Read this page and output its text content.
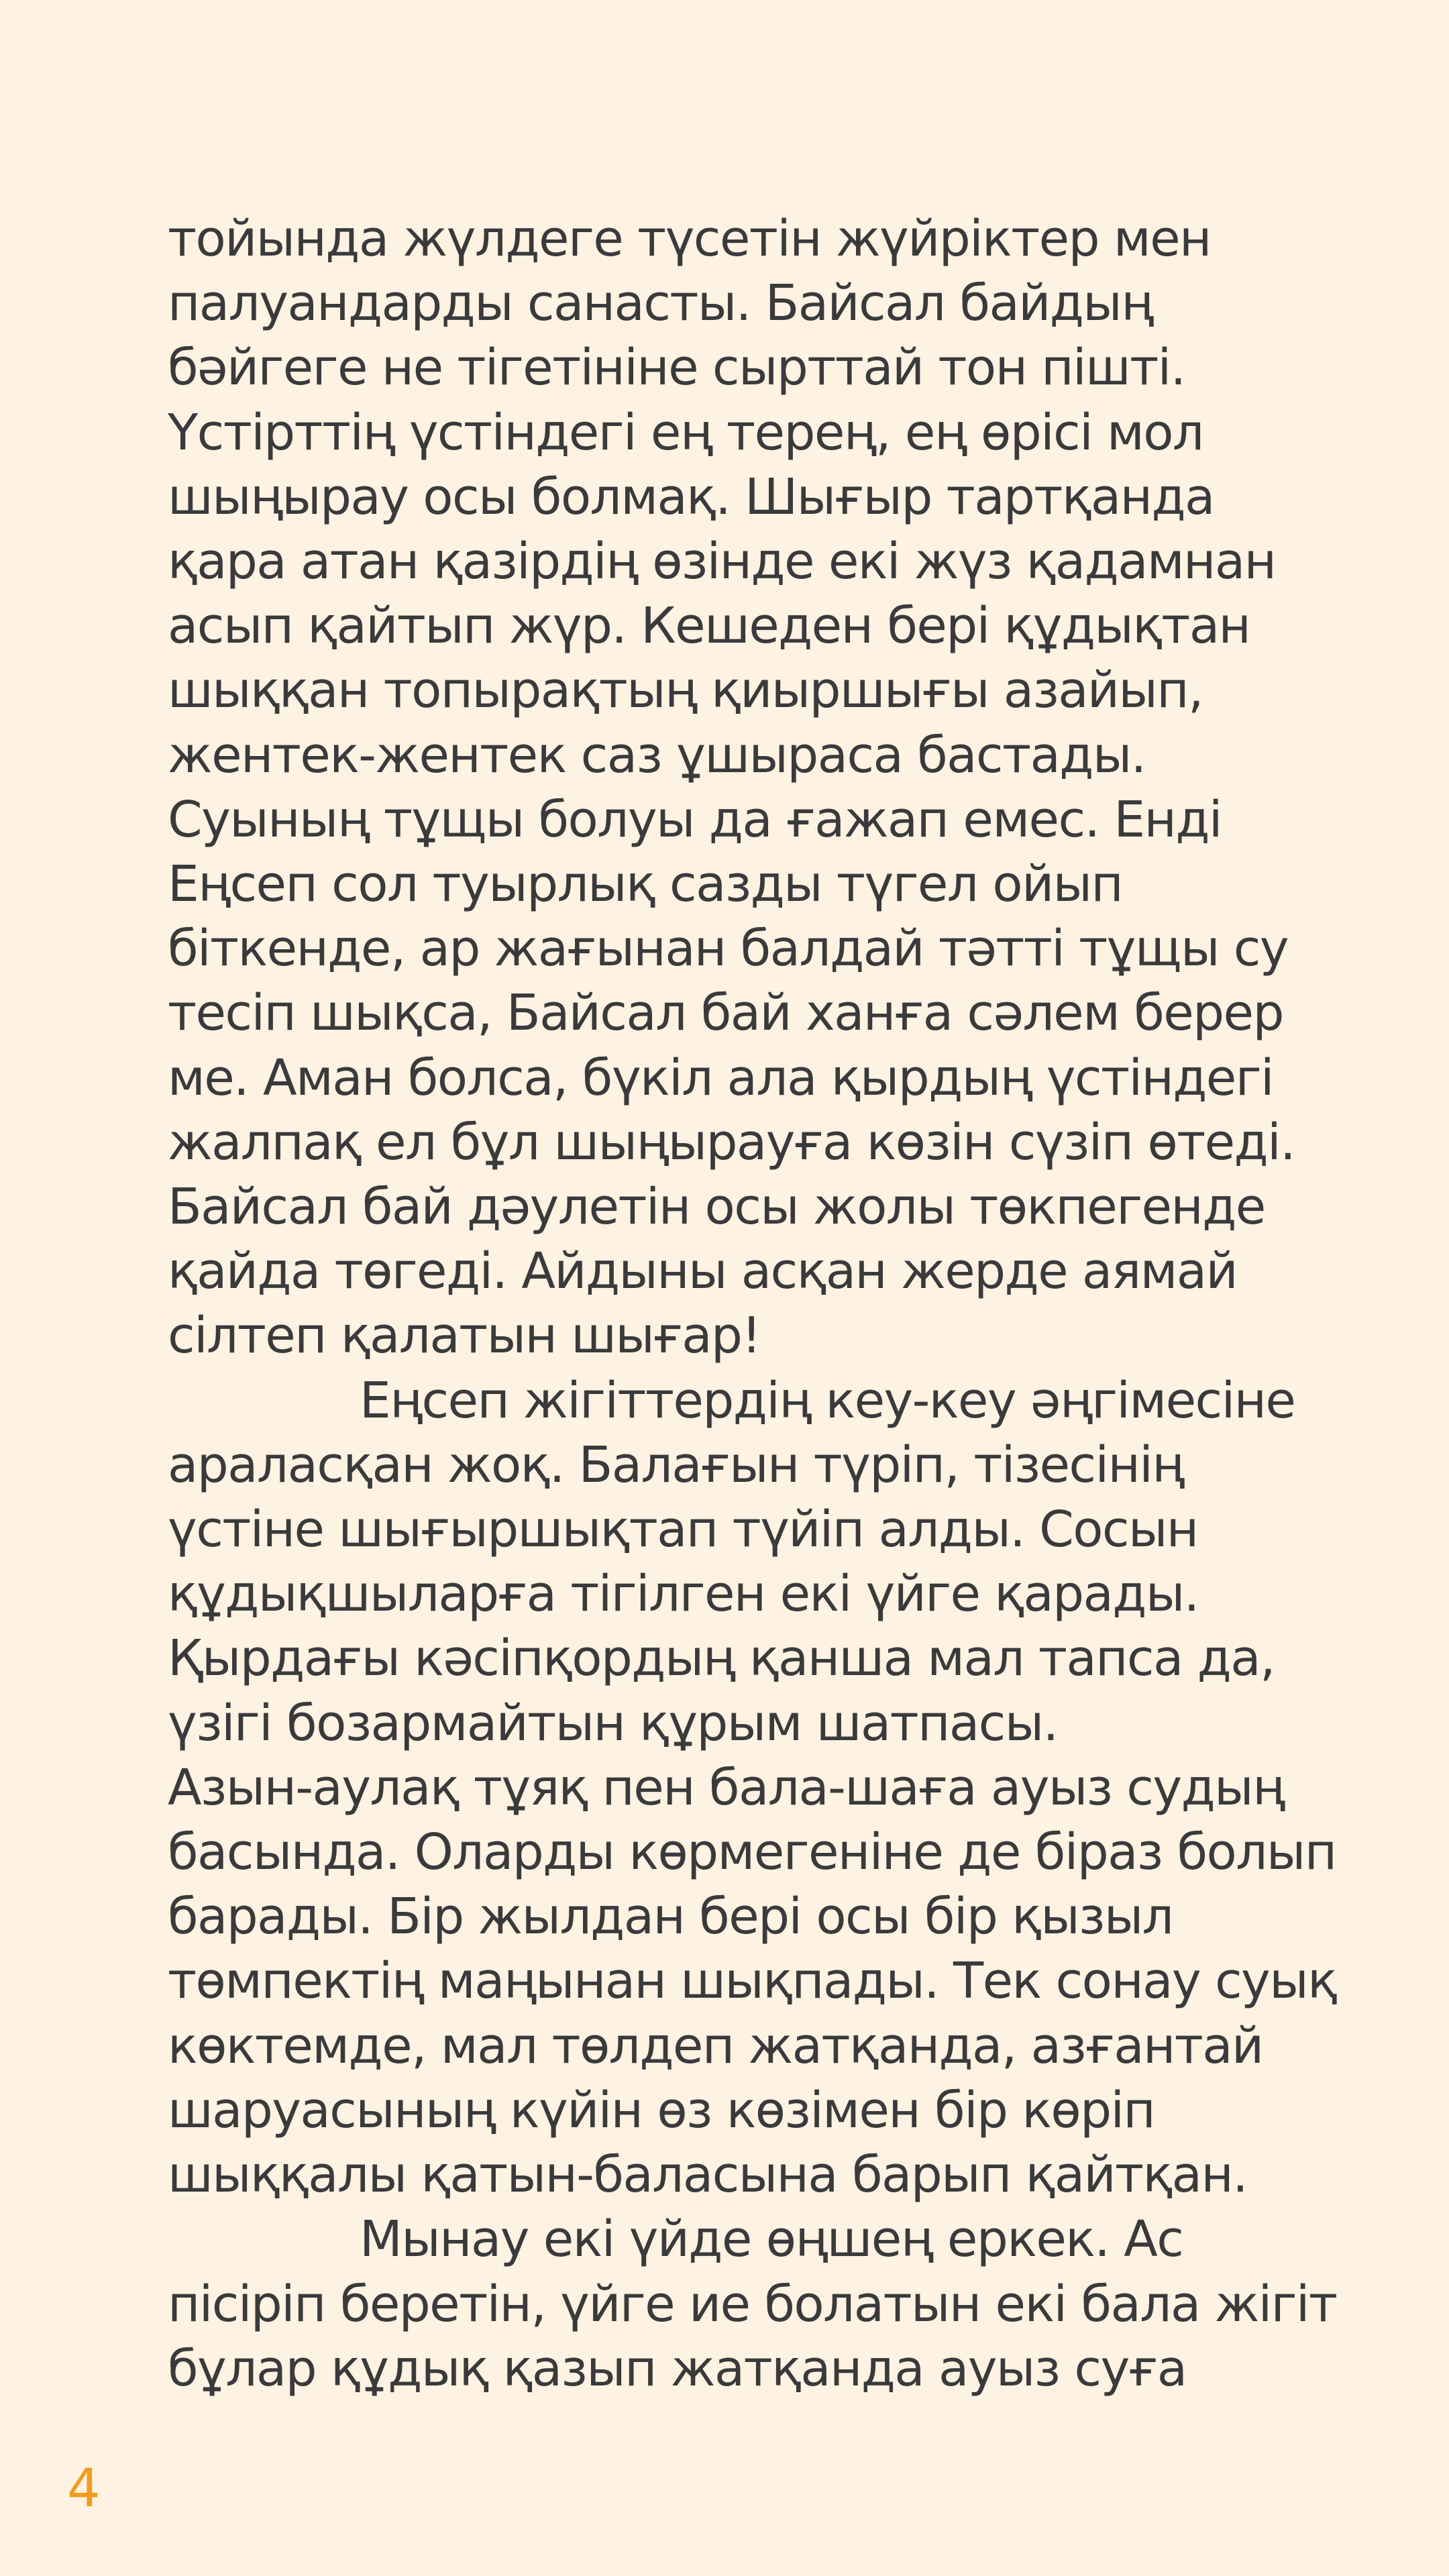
тойында жүлдеге түсетін жүйріктер мен
палуандарды санасты. Байсал байдың
бәйгеге не тігетініне сырттай тон пішті.
Үстірттің үстіндегі ең терең, ең өрісі мол
шыңырау осы болмақ. Шығыр тартқанда
қара атан қазірдің өзінде екі жүз қадамнан
асып қайтып жүр. Кешеден бері құдықтан
шыққан топырақтың қиыршығы азайып,
жентек-жентек саз ұшыраса бастады.
Суының тұщы болуы да ғажап емес. Енді
Еңсеп сол туырлық сазды түгел ойып
біткенде, ар жағынан балдай тәтті тұщы су
тесіп шықса, Байсал бай ханға сәлем берер
ме. Аман болса, бүкіл ала қырдың үстіндегі
жалпақ ел бұл шыңырауға көзін сүзіп өтеді.
Байсал бай дәулетін осы жолы төкпегенде
қайда төгеді. Айдыны асқан жерде аямай
сілтеп қалатын шығар!
Еңсеп жігіттердің кеу-кеу әңгімесіне
араласқан жоқ. Балағын түріп, тізесінің
үстіне шығыршықтап түйіп алды. Сосын
құдықшыларға тігілген екі үйге қарады.
Қырдағы кәсіпқордың қанша мал тапса да,
үзігі бозармайтын құрым шатпасы.
Азын-аулақ тұяқ пен бала-шаға ауыз судың
басында. Оларды көрмегеніне де біраз болып
барады. Бір жылдан бері осы бір қызыл
төмпектің маңынан шықпады. Тек сонау суық
көктемде, мал төлдеп жатқанда, азғантай
шаруасының күйін өз көзімен бір көріп
шыққалы қатын-баласына барып қайтқан.
Мынау екі үйде өңшең еркек. Ас
пісіріп беретін, үйге ие болатын екі бала жігіт
бұлар құдық қазып жатқанда ауыз суға
4
